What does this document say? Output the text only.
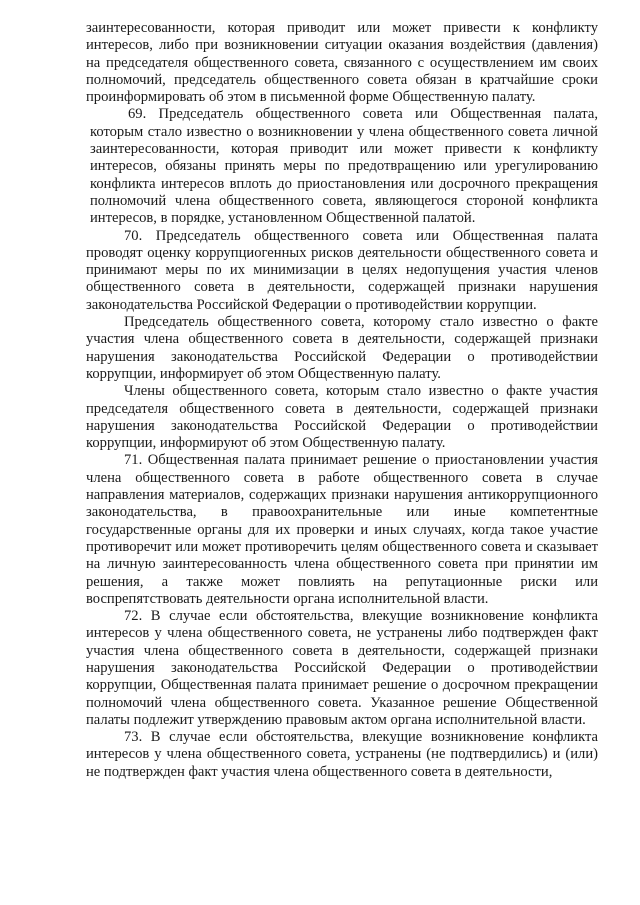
заинтересованности, которая приводит или может привести к конфликту интересов, либо при возникновении ситуации оказания воздействия (давления) на председателя общественного совета, связанного с осуществлением им своих полномочий, председатель общественного совета обязан в кратчайшие сроки проинформировать об этом в письменной форме Общественную палату.

69. Председатель общественного совета или Общественная палата, которым стало известно о возникновении у члена общественного совета личной заинтересованности, которая приводит или может привести к конфликту интересов, обязаны принять меры по предотвращению или урегулированию конфликта интересов вплоть до приостановления или досрочного прекращения полномочий члена общественного совета, являющегося стороной конфликта интересов, в порядке, установленном Общественной палатой.

70. Председатель общественного совета или Общественная палата проводят оценку коррупциогенных рисков деятельности общественного совета и принимают меры по их минимизации в целях недопущения участия членов общественного совета в деятельности, содержащей признаки нарушения законодательства Российской Федерации о противодействии коррупции.

Председатель общественного совета, которому стало известно о факте участия члена общественного совета в деятельности, содержащей признаки нарушения законодательства Российской Федерации о противодействии коррупции, информирует об этом Общественную палату.

Члены общественного совета, которым стало известно о факте участия председателя общественного совета в деятельности, содержащей признаки нарушения законодательства Российской Федерации о противодействии коррупции, информируют об этом Общественную палату.

71. Общественная палата принимает решение о приостановлении участия члена общественного совета в работе общественного совета в случае направления материалов, содержащих признаки нарушения антикоррупционного законодательства, в правоохранительные или иные компетентные государственные органы для их проверки и иных случаях, когда такое участие противоречит или может противоречить целям общественного совета и сказывает на личную заинтересованность члена общественного совета при принятии им решения, а также может повлиять на репутационные риски или воспрепятствовать деятельности органа исполнительной власти.

72. В случае если обстоятельства, влекущие возникновение конфликта интересов у члена общественного совета, не устранены либо подтвержден факт участия члена общественного совета в деятельности, содержащей признаки нарушения законодательства Российской Федерации о противодействии коррупции, Общественная палата принимает решение о досрочном прекращении полномочий члена общественного совета. Указанное решение Общественной палаты подлежит утверждению правовым актом органа исполнительной власти.

73. В случае если обстоятельства, влекущие возникновение конфликта интересов у члена общественного совета, устранены (не подтвердились) и (или) не подтвержден факт участия члена общественного совета в деятельности,
